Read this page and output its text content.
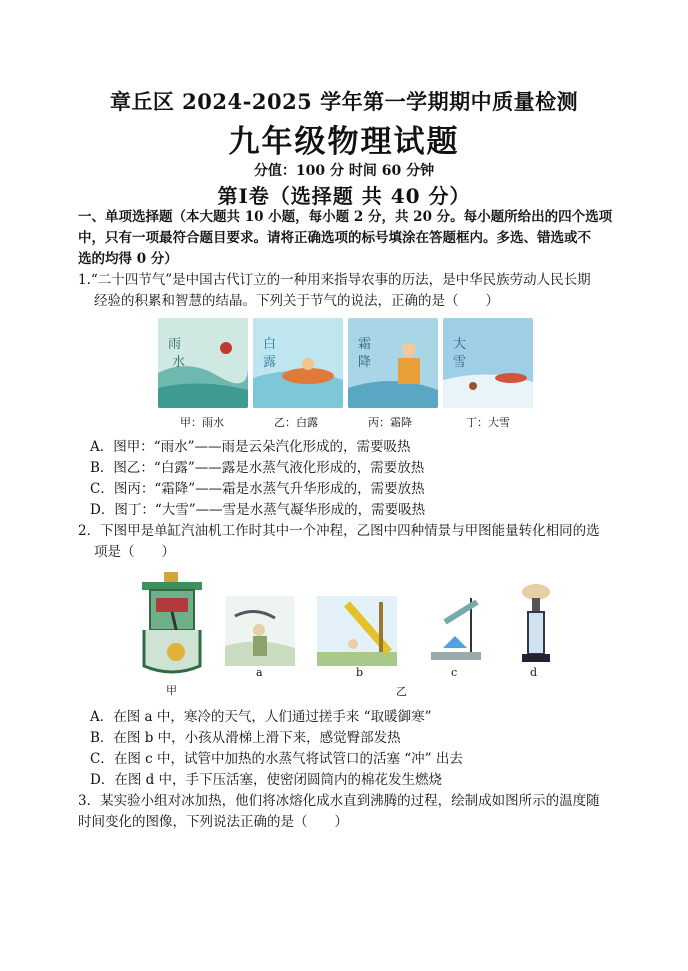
章丘区 2024-2025 学年第一学期期中质量检测
九年级物理试题
分值：100 分 时间 60 分钟
第Ⅰ卷（选择题 共 40 分）
一、单项选择题（本大题共 10 小题，每小题 2 分，共 20 分。每小题所给出的四个选项
中，只有一项最符合题目要求。请将正确选项的标号填涂在答题框内。多选、错选或不
选的均得 0 分）
1.“二十四节气”是中国古代订立的一种用来指导农事的历法，是中华民族劳动人民长期
经验的积累和智慧的结晶。下列关于节气的说法，正确的是（　　）
雨
水
白
露
霜
降
大
雪
甲：雨水	乙：白露	丙：霜降	丁：大雪
A．图甲：“雨水”——雨是云朵汽化形成的，需要吸热
B．图乙：“白露”——露是水蒸气液化形成的，需要放热
C．图丙：“霜降”——霜是水蒸气升华形成的，需要放热
D．图丁：“大雪”——雪是水蒸气凝华形成的，需要吸热
2．下图甲是单缸汽油机工作时其中一个冲程，乙图中四种情景与甲图能量转化相同的选
项是（　　）
甲
a	b	c	d
乙
A．在图 a 中，寒冷的天气，人们通过搓手来 “取暖御寒”
B．在图 b 中，小孩从滑梯上滑下来，感觉臀部发热
C．在图 c 中，试管中加热的水蒸气将试管口的活塞 “冲” 出去
D．在图 d 中，手下压活塞，使密闭圆筒内的棉花发生燃烧
3．某实验小组对冰加热，他们将冰熔化成水直到沸腾的过程，绘制成如图所示的温度随
时间变化的图像，下列说法正确的是（　　）
